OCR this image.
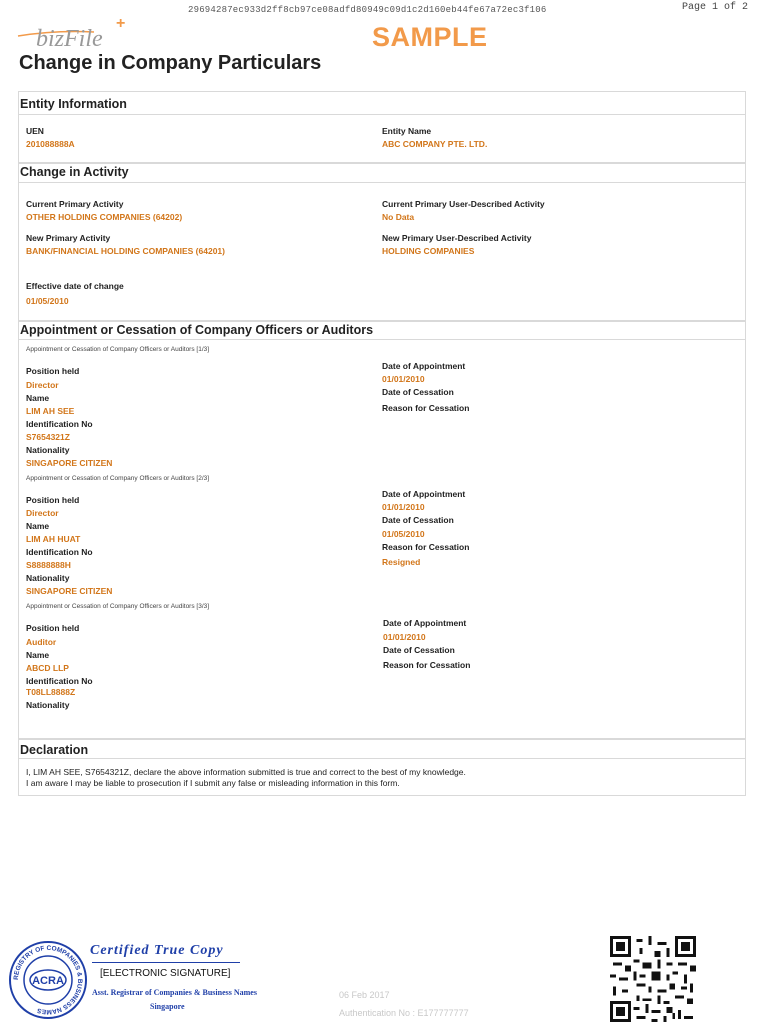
29694287ec933d2ff8cb97ce08adfd80949c09d1c2d160eb44fe67a72ec3f106	Page 1 of 2
bizFile
+	SAMPLE
Change in Company Particulars
Entity Information
UEN
201088888A
Entity Name
ABC COMPANY PTE. LTD.
Change in Activity
Current Primary Activity
OTHER HOLDING COMPANIES (64202)
Current Primary User-Described Activity
No Data
New Primary Activity
BANK/FINANCIAL HOLDING COMPANIES (64201)
New Primary User-Described Activity
HOLDING COMPANIES
Effective date of change
01/05/2010
Appointment or Cessation of Company Officers or Auditors
Appointment or Cessation of Company Officers or Auditors [1/3]
Position held
Director
Name
LIM AH SEE
Identification No
S7654321Z
Nationality
SINGAPORE CITIZEN
Date of Appointment
01/01/2010
Date of Cessation
Reason for Cessation
Appointment or Cessation of Company Officers or Auditors [2/3]
Position held
Director
Name
LIM AH HUAT
Identification No
S8888888H
Nationality
SINGAPORE CITIZEN
Date of Appointment
01/01/2010
Date of Cessation
01/05/2010
Reason for Cessation
Resigned
Appointment or Cessation of Company Officers or Auditors [3/3]
Position held
Auditor
Name
ABCD LLP
Identification No
T08LL8888Z
Nationality
Date of Appointment
01/01/2010
Date of Cessation
Reason for Cessation
Declaration
I, LIM AH SEE, S7654321Z, declare the above information submitted is true and correct to the best of my knowledge.
I am aware I may be liable to prosecution if I submit any false or misleading information in this form.
REGISTRY OF COMPANIES & BUSINESS NAMES
ACRA
Certified True Copy
[ELECTRONIC SIGNATURE]
Asst. Registrar of Companies & Business Names
Singapore
06 Feb 2017
Authentication No : E177777777
